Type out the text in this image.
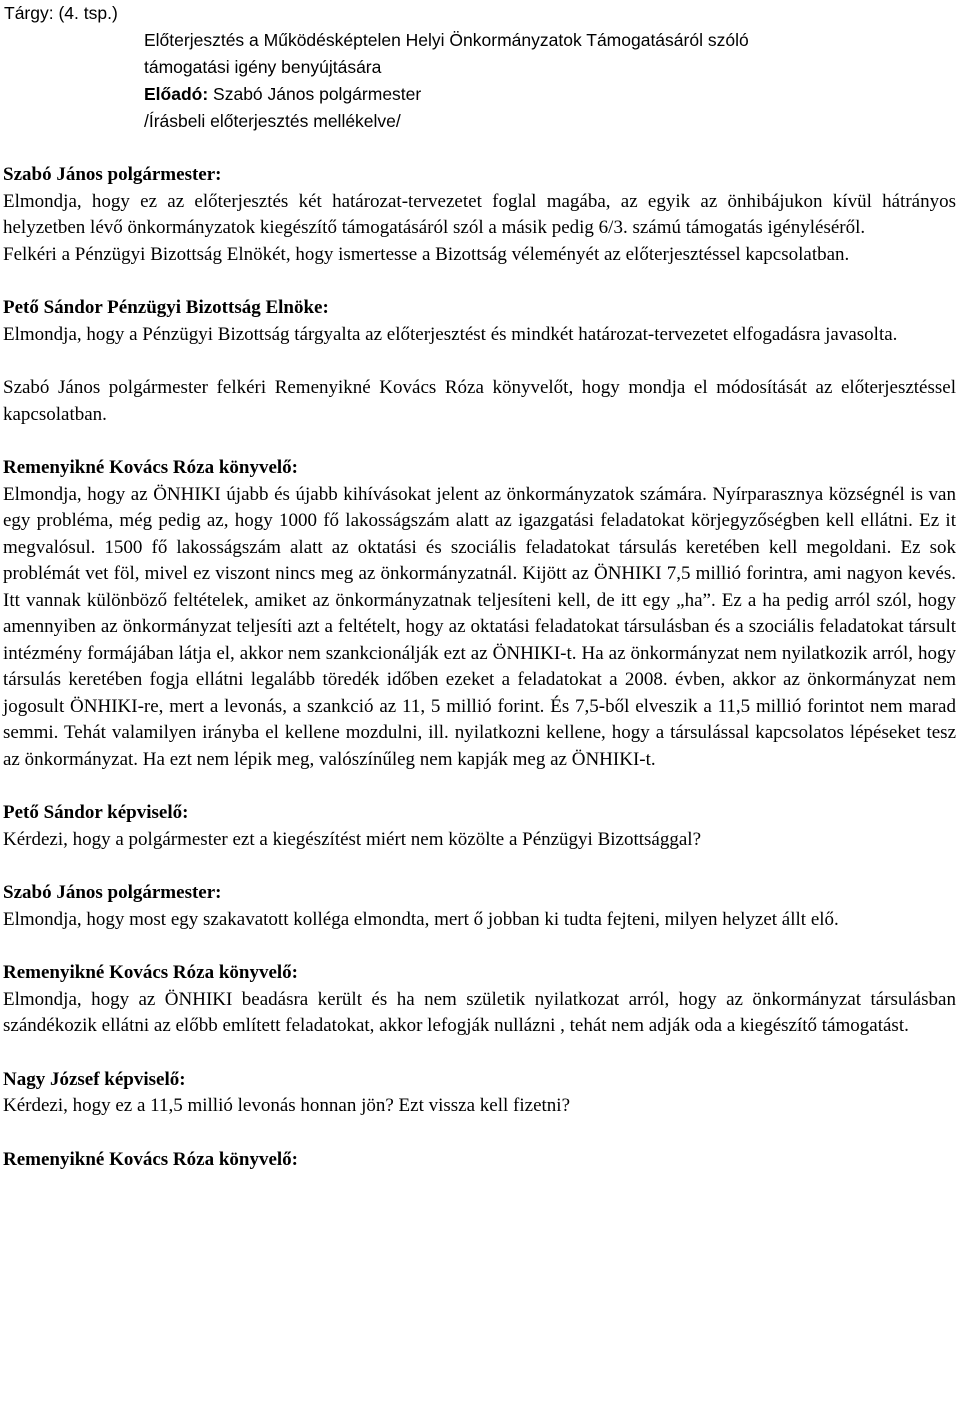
Tárgy: (4. tsp.)

Előterjesztés a Működésképtelen Helyi Önkormányzatok Támogatásáról szóló
támogatási igény benyújtására
Előadó: Szabó János polgármester
/Írásbeli előterjesztés mellékelve/

Szabó János polgármester:

Elmondja, hogy ez az előterjesztés két határozat-tervezetet foglal magába, az egyik az önhibájukon kívül hátrányos helyzetben lévő önkormányzatok kiegészítő támogatásáról szól a másik pedig 6/3. számú támogatás igényléséről.

Felkéri a Pénzügyi Bizottság Elnökét, hogy ismertesse a Bizottság véleményét az előterjesztéssel kapcsolatban.

Pető Sándor Pénzügyi Bizottság Elnöke:

Elmondja, hogy a Pénzügyi Bizottság tárgyalta az előterjesztést és mindkét határozat-tervezetet elfogadásra javasolta.

Szabó János polgármester felkéri Remenyikné Kovács Róza könyvelőt, hogy mondja el módosítását az előterjesztéssel kapcsolatban.

Remenyikné Kovács Róza könyvelő:

Elmondja, hogy az ÖNHIKI újabb és újabb kihívásokat jelent az önkormányzatok számára. Nyírparasznya községnél is van egy probléma, még pedig az, hogy 1000 fő lakosságszám alatt az igazgatási feladatokat körjegyzőségben kell ellátni. Ez it megvalósul. 1500 fő lakosságszám alatt az oktatási és szociális feladatokat társulás keretében kell megoldani. Ez sok problémát vet föl, mivel ez viszont nincs meg az önkormányzatnál. Kijött az ÖNHIKI 7,5 millió forintra, ami nagyon kevés. Itt vannak különböző feltételek, amiket az önkormányzatnak teljesíteni kell, de itt egy „ha”. Ez a ha pedig arról szól, hogy amennyiben az önkormányzat teljesíti azt a feltételt, hogy az oktatási feladatokat társulásban és a szociális feladatokat társult intézmény formájában látja el, akkor nem szankcionálják ezt az ÖNHIKI-t. Ha az önkormányzat nem nyilatkozik arról, hogy társulás keretében fogja ellátni legalább töredék időben ezeket a feladatokat a 2008. évben, akkor az önkormányzat nem jogosult ÖNHIKI-re, mert a levonás, a szankció az 11, 5 millió forint. És 7,5-ből elveszik a 11,5 millió forintot nem marad semmi. Tehát valamilyen irányba el kellene mozdulni, ill. nyilatkozni kellene, hogy a társulással kapcsolatos lépéseket tesz az önkormányzat. Ha ezt nem lépik meg, valószínűleg nem kapják meg az ÖNHIKI-t.

Pető Sándor képviselő:

Kérdezi, hogy a polgármester ezt a kiegészítést miért nem közölte a Pénzügyi Bizottsággal?

Szabó János polgármester:

Elmondja, hogy most egy szakavatott kolléga elmondta, mert ő jobban ki tudta fejteni, milyen helyzet állt elő.

Remenyikné Kovács Róza könyvelő:

Elmondja, hogy az ÖNHIKI beadásra került és ha nem születik nyilatkozat arról, hogy az önkormányzat társulásban szándékozik ellátni az előbb említett feladatokat, akkor lefogják nullázni , tehát nem adják oda a kiegészítő támogatást.

Nagy József képviselő:

Kérdezi, hogy ez a 11,5 millió levonás honnan jön? Ezt vissza kell fizetni?

Remenyikné Kovács Róza könyvelő:
